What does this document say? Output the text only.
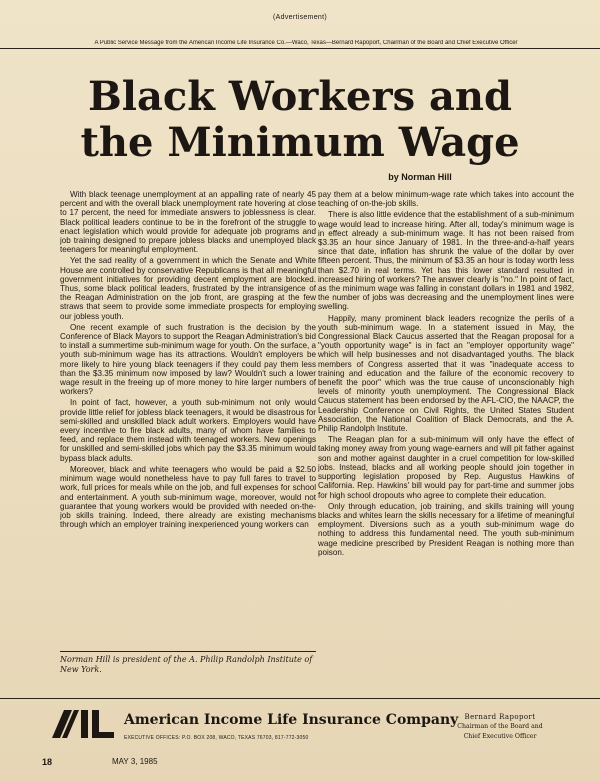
(Advertisement)
A Public Service Message from the American Income Life Insurance Co.—Waco, Texas—Bernard Rapoport, Chairman of the Board and Chief Executive Officer
Black Workers and
the Minimum Wage
by Norman Hill

With black teenage unemployment at an appalling rate of nearly 45 percent and with the overall black unemployment rate hovering at close to 17 percent, the need for immediate answers to joblessness is clear. Black political leaders continue to be in the forefront of the struggle to enact legislation which would provide for adequate job programs and job training designed to prepare jobless blacks and unemployed black teenagers for meaningful employment.

Yet the sad reality of a government in which the Senate and White House are controlled by conservative Republicans is that all meaningful government initiatives for providing decent employment are blocked. Thus, some black political leaders, frustrated by the intransigence of the Reagan Administration on the job front, are grasping at the few straws that seem to provide some immediate prospects for employing our jobless youth.

One recent example of such frustration is the decision by the Conference of Black Mayors to support the Reagan Administration's bid to install a summertime sub-minimum wage for youth. On the surface, a youth sub-minimum wage has its attractions. Wouldn't employers be more likely to hire young black teenagers if they could pay them less than the $3.35 minimum now imposed by law? Wouldn't such a lower wage result in the freeing up of more money to hire larger numbers of workers?

In point of fact, however, a youth sub-minimum not only would provide little relief for jobless black teenagers, it would be disastrous for semi-skilled and unskilled black adult workers. Employers would have every incentive to fire black adults, many of whom have families to feed, and replace them instead with teenaged workers. New openings for unskilled and semi-skilled jobs which pay the $3.35 minimum would bypass black adults.

Moreover, black and white teenagers who would be paid a $2.50 minimum wage would nonetheless have to pay full fares to travel to work, full prices for meals while on the job, and full expenses for school and entertainment. A youth sub-minimum wage, moreover, would not guarantee that young workers would be provided with needed on-the-job skills training. Indeed, there already are existing mechanisms through which an employer training inexperienced young workers can

Norman Hill is president of the A. Philip Randolph Institute of New York.

pay them at a below minimum-wage rate which takes into account the teaching of on-the-job skills.

There is also little evidence that the establishment of a sub-minimum wage would lead to increase hiring. After all, today's minimum wage is in effect already a sub-minimum wage. It has not been raised from $3.35 an hour since January of 1981. In the three-and-a-half years since that date, inflation has shrunk the value of the dollar by over fifteen percent. Thus, the minimum of $3.35 an hour is today worth less than $2.70 in real terms. Yet has this lower standard resulted in increased hiring of workers? The answer clearly is "no." In point of fact, as the minimum wage was falling in constant dollars in 1981 and 1982, the number of jobs was decreasing and the unemployment lines were swelling.

Happily, many prominent black leaders recognize the perils of a youth sub-minimum wage. In a statement issued in May, the Congressional Black Caucus asserted that the Reagan proposal for a "youth opportunity wage" is in fact an "employer opportunity wage" which will help businesses and not disadvantaged youths. The black members of Congress asserted that it was "inadequate access to training and education and the failure of the economic recovery to benefit the poor" which was the true cause of unconscionably high levels of minority youth unemployment. The Congressional Black Caucus statement has been endorsed by the AFL-CIO, the NAACP, the Leadership Conference on Civil Rights, the United States Student Association, the National Coalition of Black Democrats, and the A. Philip Randolph Institute.

The Reagan plan for a sub-minimum will only have the effect of taking money away from young wage-earners and will pit father against son and mother against daughter in a cruel competition for low-skilled jobs. Instead, blacks and all working people should join together in supporting legislation proposed by Rep. Augustus Hawkins of California. Rep. Hawkins' bill would pay for part-time and summer jobs for high school dropouts who agree to complete their education.

Only through education, job training, and skills training will young blacks and whites learn the skills necessary for a lifetime of meaningful employment. Diversions such as a youth sub-minimum wage do nothing to address this fundamental need. The youth sub-minimum wage medicine prescribed by President Reagan is nothing more than poison.

American Income Life Insurance Company
EXECUTIVE OFFICES: P.O. BOX 208, WACO, TEXAS 76703, 817-772-3050
Bernard Rapoport
Chairman of the Board and
Chief Executive Officer
18	MAY 3, 1985
